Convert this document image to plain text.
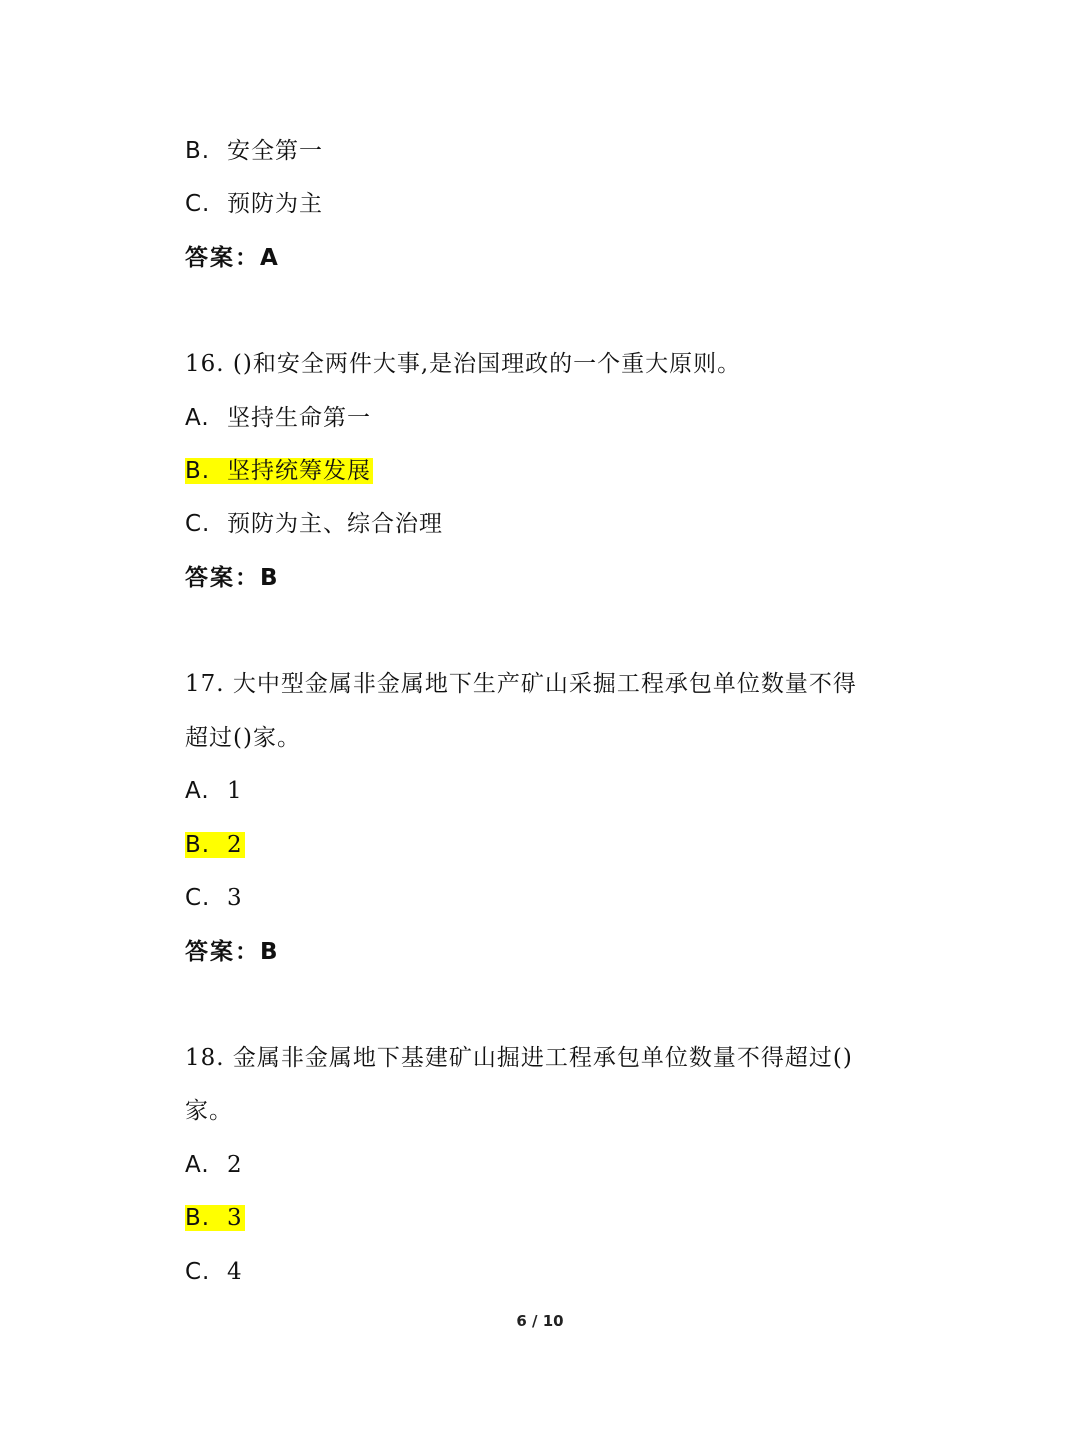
B. 安全第一
C. 预防为主
答案：A
16. ()和安全两件大事,是治国理政的一个重大原则。
A. 坚持生命第一
B. 坚持统筹发展
C. 预防为主、综合治理
答案：B
17. 大中型金属非金属地下生产矿山采掘工程承包单位数量不得
超过()家。
A. 1
B. 2
C. 3
答案：B
18. 金属非金属地下基建矿山掘进工程承包单位数量不得超过()
家。
A. 2
B. 3
C. 4
6 / 10
